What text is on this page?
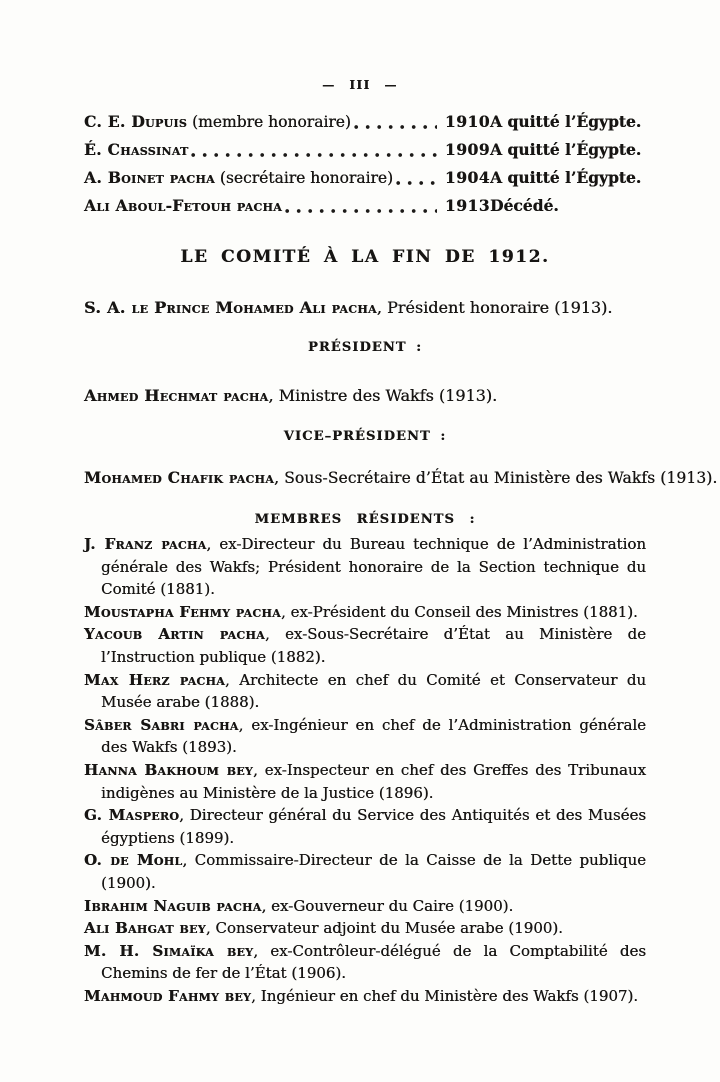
— III —
C. E. Dupuis (membre honoraire)	1910 A quitté l’Égypte.
É. Chassinat	1909 A quitté l’Égypte.
A. Boinet pacha (secrétaire honoraire)	1904 A quitté l’Égypte.
Ali Aboul-Fetouh pacha	1913 Décédé.
LE COMITÉ À LA FIN DE 1912.

S. A. le Prince Mohamed Ali pacha, Président honoraire (1913).

PRÉSIDENT :

Ahmed Hechmat pacha, Ministre des Wakfs (1913).

VICE–PRÉSIDENT :

Mohamed Chafik pacha, Sous-Secrétaire d’État au Ministère des Wakfs (1913).

MEMBRES RÉSIDENTS :

J. Franz pacha, ex-Directeur du Bureau technique de l’Administration générale des Wakfs; Président honoraire de la Section technique du Comité (1881).

Moustapha Fehmy pacha, ex-Président du Conseil des Ministres (1881).

Yacoub Artin pacha, ex-Sous-Secrétaire d’État au Ministère de l’Instruction publique (1882).

Max Herz pacha, Architecte en chef du Comité et Conservateur du Musée arabe (1888).

Sâber Sabri pacha, ex-Ingénieur en chef de l’Administration générale des Wakfs (1893).

Hanna Bakhoum bey, ex-Inspecteur en chef des Greffes des Tribunaux indigènes au Ministère de la Justice (1896).

G. Maspero, Directeur général du Service des Antiquités et des Musées égyptiens (1899).

O. de Mohl, Commissaire-Directeur de la Caisse de la Dette publique (1900).

Ibrahim Naguib pacha, ex-Gouverneur du Caire (1900).

Ali Bahgat bey, Conservateur adjoint du Musée arabe (1900).

M. H. Simaïka bey, ex-Contrôleur-délégué de la Comptabilité des Chemins de fer de l’État (1906).

Mahmoud Fahmy bey, Ingénieur en chef du Ministère des Wakfs (1907).
